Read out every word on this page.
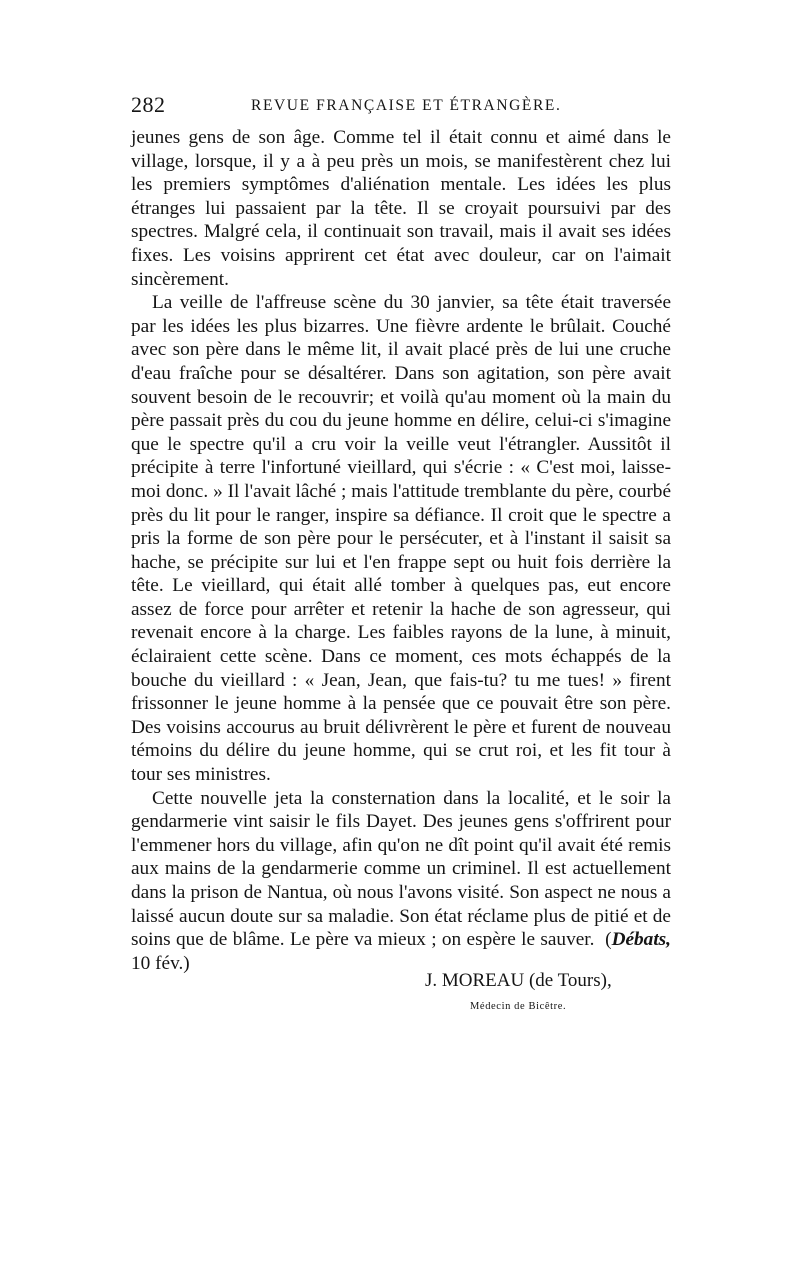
282	REVUE FRANÇAISE ET ÉTRANGÈRE.

jeunes gens de son âge. Comme tel il était connu et aimé dans le village, lorsque, il y a à peu près un mois, se manifestèrent chez lui les premiers symptômes d'aliénation mentale. Les idées les plus étranges lui passaient par la tête. Il se croyait poursuivi par des spectres. Malgré cela, il continuait son travail, mais il avait ses idées fixes. Les voisins apprirent cet état avec douleur, car on l'aimait sincèrement.

La veille de l'affreuse scène du 30 janvier, sa tête était traversée par les idées les plus bizarres. Une fièvre ardente le brûlait. Couché avec son père dans le même lit, il avait placé près de lui une cruche d'eau fraîche pour se désaltérer. Dans son agitation, son père avait souvent besoin de le recouvrir; et voilà qu'au moment où la main du père passait près du cou du jeune homme en délire, celui-ci s'imagine que le spectre qu'il a cru voir la veille veut l'étrangler. Aussitôt il précipite à terre l'infortuné vieillard, qui s'écrie : « C'est moi, laisse-moi donc. » Il l'avait lâché ; mais l'attitude tremblante du père, courbé près du lit pour le ranger, inspire sa défiance. Il croit que le spectre a pris la forme de son père pour le persécuter, et à l'instant il saisit sa hache, se précipite sur lui et l'en frappe sept ou huit fois derrière la tête. Le vieillard, qui était allé tomber à quelques pas, eut encore assez de force pour arrêter et retenir la hache de son agresseur, qui revenait encore à la charge. Les faibles rayons de la lune, à minuit, éclairaient cette scène. Dans ce moment, ces mots échappés de la bouche du vieillard : « Jean, Jean, que fais-tu? tu me tues! » firent frissonner le jeune homme à la pensée que ce pouvait être son père. Des voisins accourus au bruit délivrèrent le père et furent de nouveau témoins du délire du jeune homme, qui se crut roi, et les fit tour à tour ses ministres.

Cette nouvelle jeta la consternation dans la localité, et le soir la gendarmerie vint saisir le fils Dayet. Des jeunes gens s'offrirent pour l'emmener hors du village, afin qu'on ne dît point qu'il avait été remis aux mains de la gendarmerie comme un criminel. Il est actuellement dans la prison de Nantua, où nous l'avons visité. Son aspect ne nous a laissé aucun doute sur sa maladie. Son état réclame plus de pitié et de soins que de blâme. Le père va mieux ; on espère le sauver. (Débats, 10 fév.)

J. MOREAU (de Tours),
Médecin de Bicêtre.
